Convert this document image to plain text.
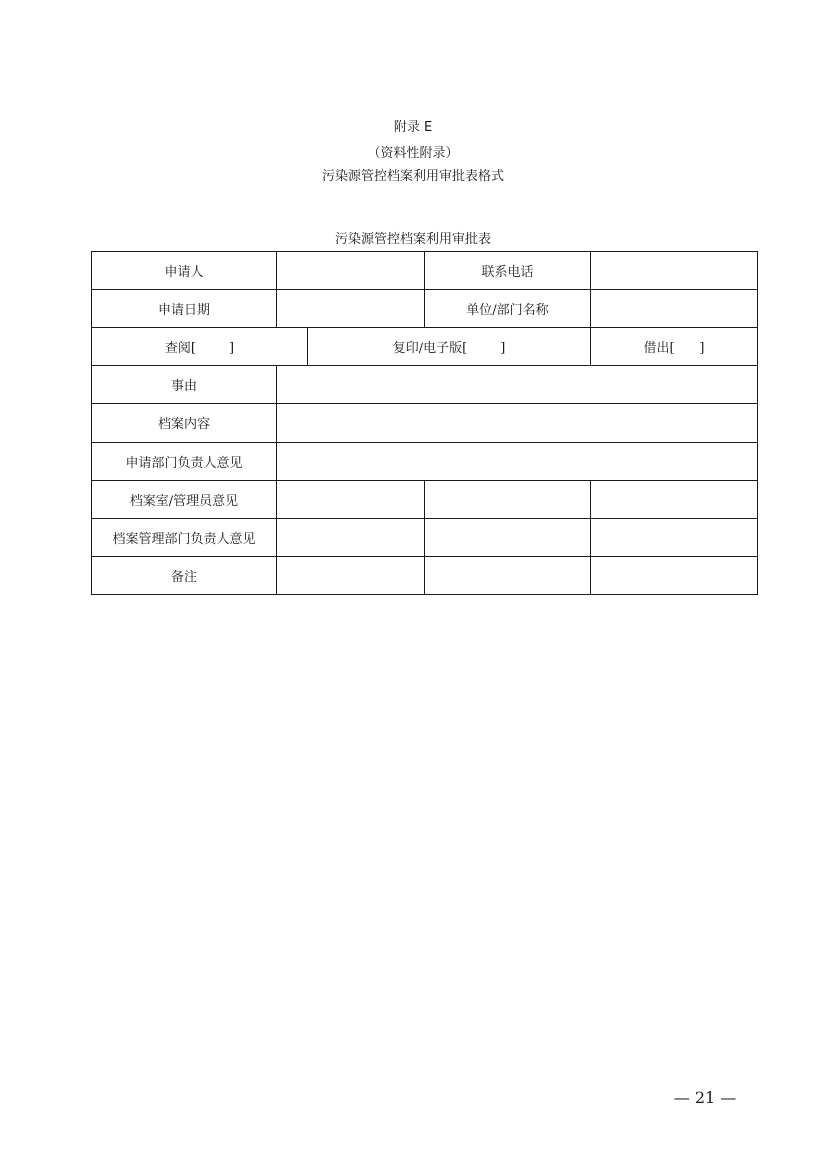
附录 E
（资料性附录）
污染源管控档案利用审批表格式
污染源管控档案利用审批表
申请人			联系电话	
申请日期			单位/部门名称	
查阅[        ]		复印/电子版[        ]		借出[      ]
事由				
档案内容				
申请部门负责人意见				
档案室/管理员意见				
档案管理部门负责人意见				
备注				
— 21 —
